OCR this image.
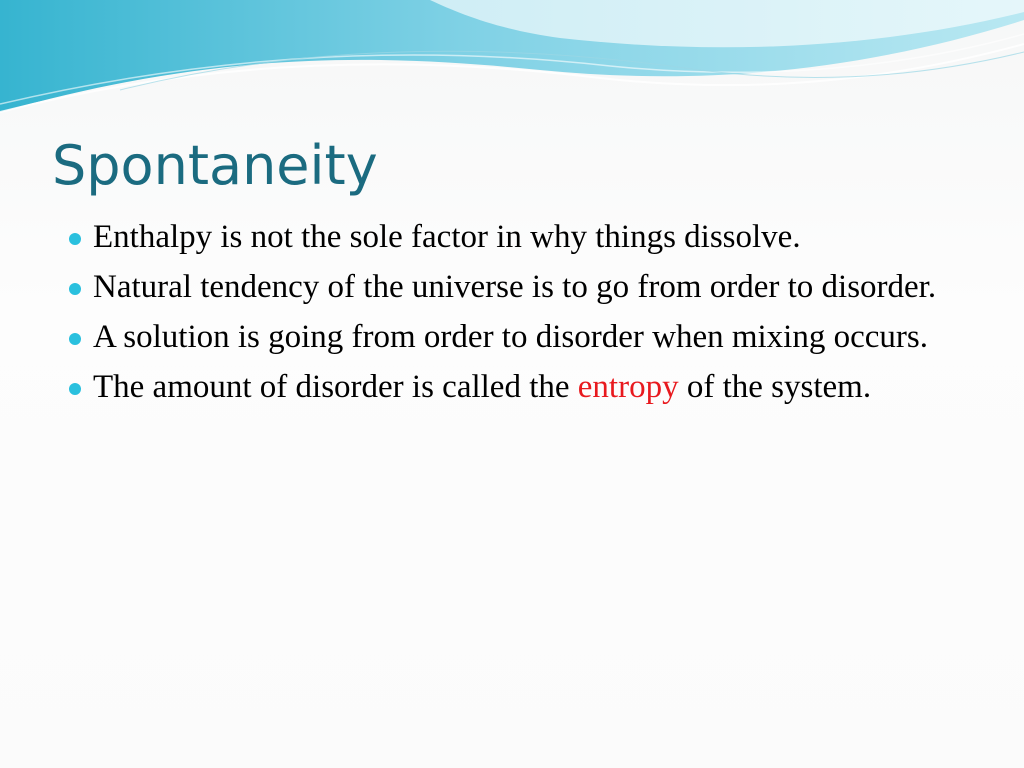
Spontaneity
Enthalpy is not the sole factor in why things dissolve.
Natural tendency of the universe is to go from order to disorder.
A solution is going from order to disorder when mixing occurs.
The amount of disorder is called the entropy of the system.
